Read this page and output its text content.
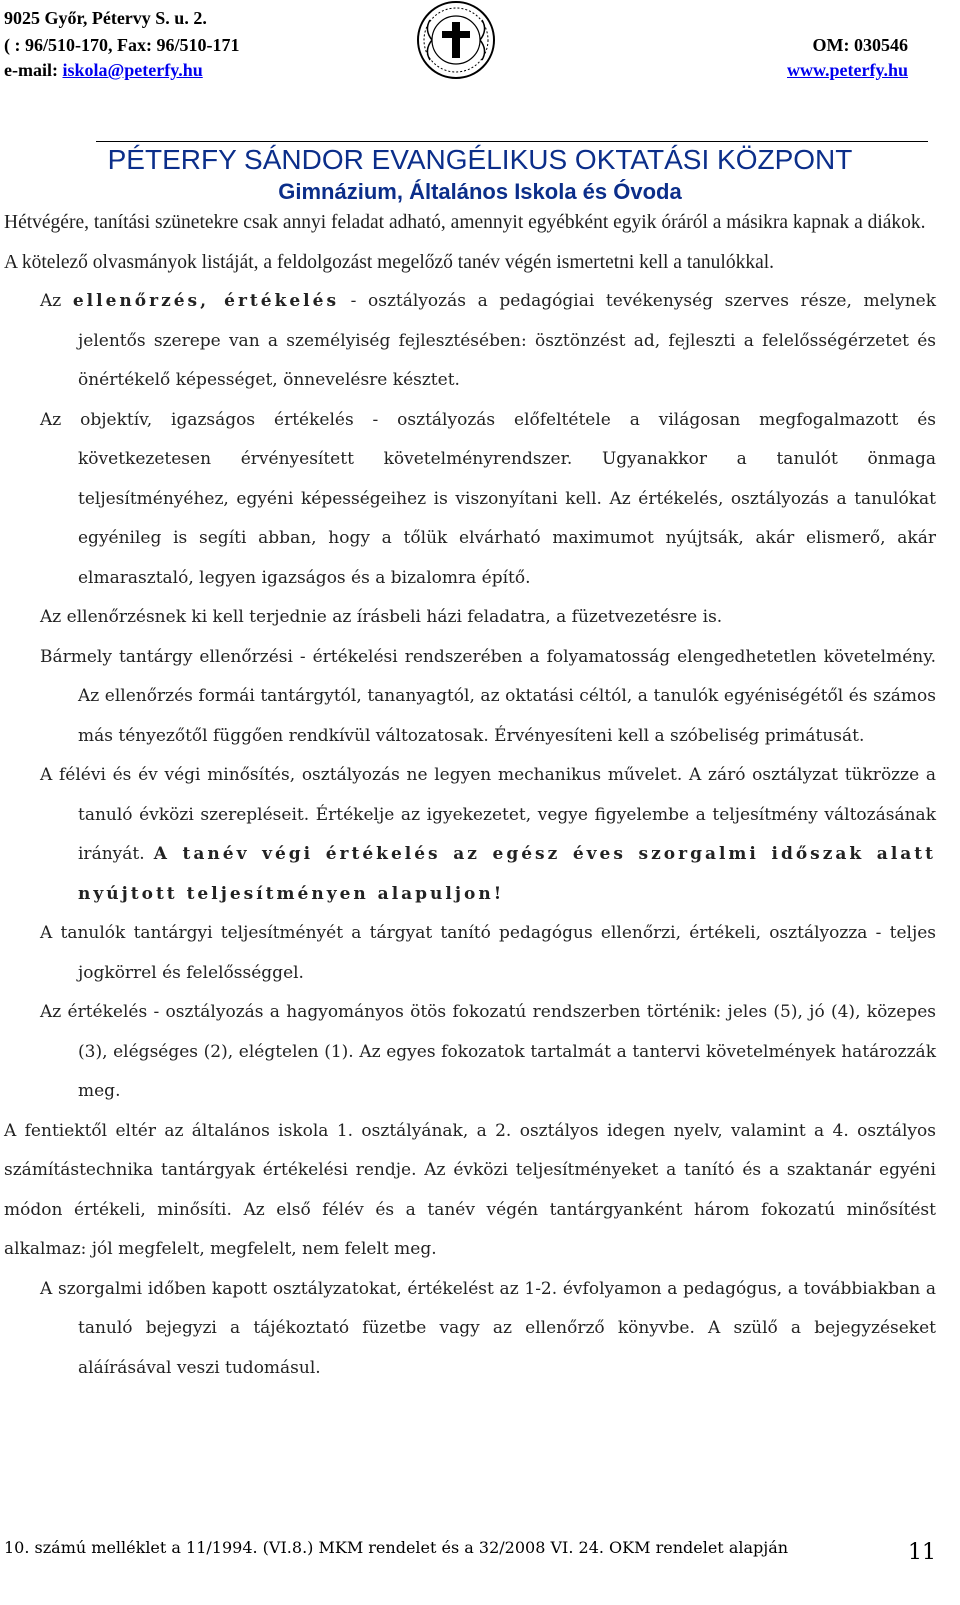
9025 Győr, Pétervy S. u. 2.
( : 96/510-170, Fax: 96/510-171
e-mail: iskola@peterfy.hu
OM: 030546
www.peterfy.hu
PÉTERFY SÁNDOR EVANGÉLIKUS OKTATÁSI KÖZPONT
Gimnázium, Általános Iskola és Óvoda

Hétvégére, tanítási szünetekre csak annyi feladat adható, amennyit egyébként egyik óráról a másikra kapnak a diákok.

A kötelező olvasmányok listáját, a feldolgozást megelőző tanév végén ismertetni kell a tanulókkal.

Az ellenőrzés, értékelés - osztályozás a pedagógiai tevékenység szerves része, melynek jelentős szerepe van a személyiség fejlesztésében: ösztönzést ad, fejleszti a felelősségérzetet és önértékelő képességet, önnevelésre késztet.

Az objektív, igazságos értékelés - osztályozás előfeltétele a világosan megfogalmazott és következetesen érvényesített követelményrendszer. Ugyanakkor a tanulót önmaga teljesítményéhez, egyéni képességeihez is viszonyítani kell. Az értékelés, osztályozás a tanulókat egyénileg is segíti abban, hogy a tőlük elvárható maximumot nyújtsák, akár elismerő, akár elmarasztaló, legyen igazságos és a bizalomra építő.

Az ellenőrzésnek ki kell terjednie az írásbeli házi feladatra, a füzetvezetésre is.

Bármely tantárgy ellenőrzési - értékelési rendszerében a folyamatosság elengedhetetlen követelmény. Az ellenőrzés formái tantárgytól, tananyagtól, az oktatási céltól, a tanulók egyéniségétől és számos más tényezőtől függően rendkívül változatosak. Érvényesíteni kell a szóbeliség primátusát.

A félévi és év végi minősítés, osztályozás ne legyen mechanikus művelet. A záró osztályzat tükrözze a tanuló évközi szerepléseit. Értékelje az igyekezetet, vegye figyelembe a teljesítmény változásának irányát. A tanév végi értékelés az egész éves szorgalmi időszak alatt nyújtott teljesítményen alapuljon!

A tanulók tantárgyi teljesítményét a tárgyat tanító pedagógus ellenőrzi, értékeli, osztályozza - teljes jogkörrel és felelősséggel.

Az értékelés - osztályozás a hagyományos ötös fokozatú rendszerben történik: jeles (5), jó (4), közepes (3), elégséges (2), elégtelen (1). Az egyes fokozatok tartalmát a tantervi követelmények határozzák meg.

A fentiektől eltér az általános iskola 1. osztályának, a 2. osztályos idegen nyelv, valamint a 4. osztályos számítástechnika tantárgyak értékelési rendje. Az évközi teljesítményeket a tanító és a szaktanár egyéni módon értékeli, minősíti. Az első félév és a tanév végén tantárgyanként három fokozatú minősítést alkalmaz: jól megfelelt, megfelelt, nem felelt meg.

A szorgalmi időben kapott osztályzatokat, értékelést az 1-2. évfolyamon a pedagógus, a továbbiakban a tanuló bejegyzi a tájékoztató füzetbe vagy az ellenőrző könyvbe. A szülő a bejegyzéseket aláírásával veszi tudomásul.

10. számú melléklet a 11/1994. (VI.8.) MKM rendelet és a 32/2008 VI. 24. OKM rendelet alapján	11
